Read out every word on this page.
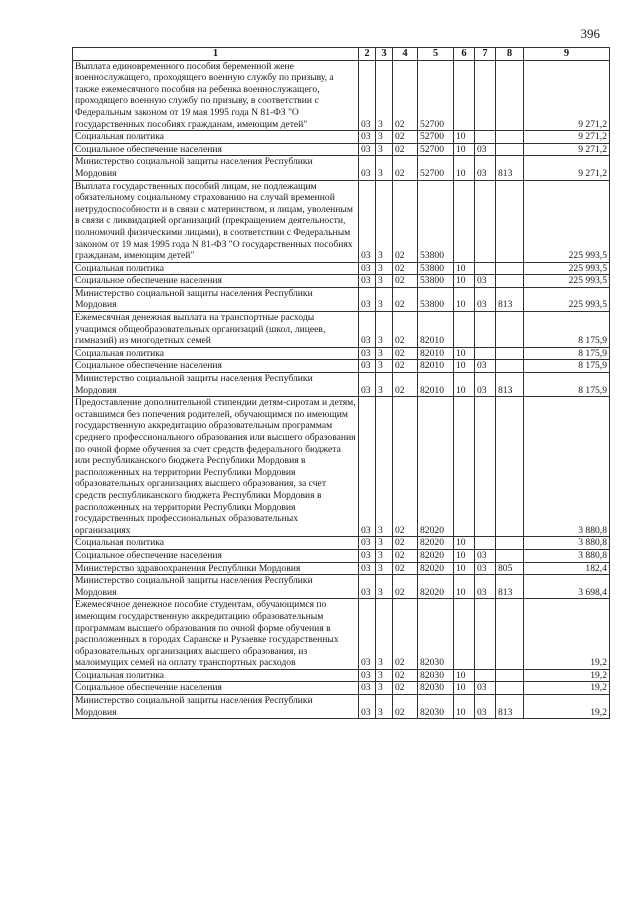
396
1	2	3	4	5	6	7	8	9
Выплата единовременного пособия беременной жене военнослужащего, проходящего военную службу по призыву, а также ежемесячного пособия на ребенка военнослужащего, проходящего военную службу по призыву, в соответствии с Федеральным законом от 19 мая 1995 года N 81-ФЗ "О государственных пособиях гражданам, имеющим детей"	03	3	02	52700				9 271,2
Социальная политика	03	3	02	52700	10			9 271,2
Социальное обеспечение населения	03	3	02	52700	10	03		9 271,2
Министерство социальной защиты населения Республики Мордовия	03	3	02	52700	10	03	813	9 271,2
Выплата государственных пособий лицам, не подлежащим обязательному социальному страхованию на случай временной нетрудоспособности и в связи с материнством, и лицам, уволенным в связи с ликвидацией организаций (прекращением деятельности, полномочий физическими лицами), в соответствии с Федеральным законом от 19 мая 1995 года N 81-ФЗ "О государственных пособиях гражданам, имеющим детей"	03	3	02	53800				225 993,5
Социальная политика	03	3	02	53800	10			225 993,5
Социальное обеспечение населения	03	3	02	53800	10	03		225 993,5
Министерство социальной защиты населения Республики Мордовия	03	3	02	53800	10	03	813	225 993,5
Ежемесячная денежная выплата на транспортные расходы учащимся общеобразовательных организаций (школ, лицеев, гимназий) из многодетных семей	03	3	02	82010				8 175,9
Социальная политика	03	3	02	82010	10			8 175,9
Социальное обеспечение населения	03	3	02	82010	10	03		8 175,9
Министерство социальной защиты населения Республики Мордовия	03	3	02	82010	10	03	813	8 175,9
Предоставление дополнительной стипендии детям-сиротам и детям, оставшимся без попечения родителей, обучающимся по имеющим государственную аккредитацию образовательным программам среднего профессионального образования или высшего образования по очной форме обучения за счет средств федерального бюджета или республиканского бюджета Республики Мордовия в расположенных на территории Республики Мордовия образовательных организациях высшего образования, за счет средств республиканского бюджета Республики Мордовия в расположенных на территории Республики Мордовия государственных профессиональных образовательных организациях	03	3	02	82020				3 880,8
Социальная политика	03	3	02	82020	10			3 880,8
Социальное обеспечение населения	03	3	02	82020	10	03		3 880,8
Министерство здравоохранения Республики Мордовия	03	3	02	82020	10	03	805	182,4
Министерство социальной защиты населения Республики Мордовия	03	3	02	82020	10	03	813	3 698,4
Ежемесячное денежное пособие студентам, обучающимся по имеющим государственную аккредитацию образовательным программам высшего образования по очной форме обучения в расположенных в городах Саранске и Рузаевке государственных образовательных организациях высшего образования, из малоимущих семей на оплату транспортных расходов	03	3	02	82030				19,2
Социальная политика	03	3	02	82030	10			19,2
Социальное обеспечение населения	03	3	02	82030	10	03		19,2
Министерство социальной защиты населения Республики Мордовия	03	3	02	82030	10	03	813	19,2
